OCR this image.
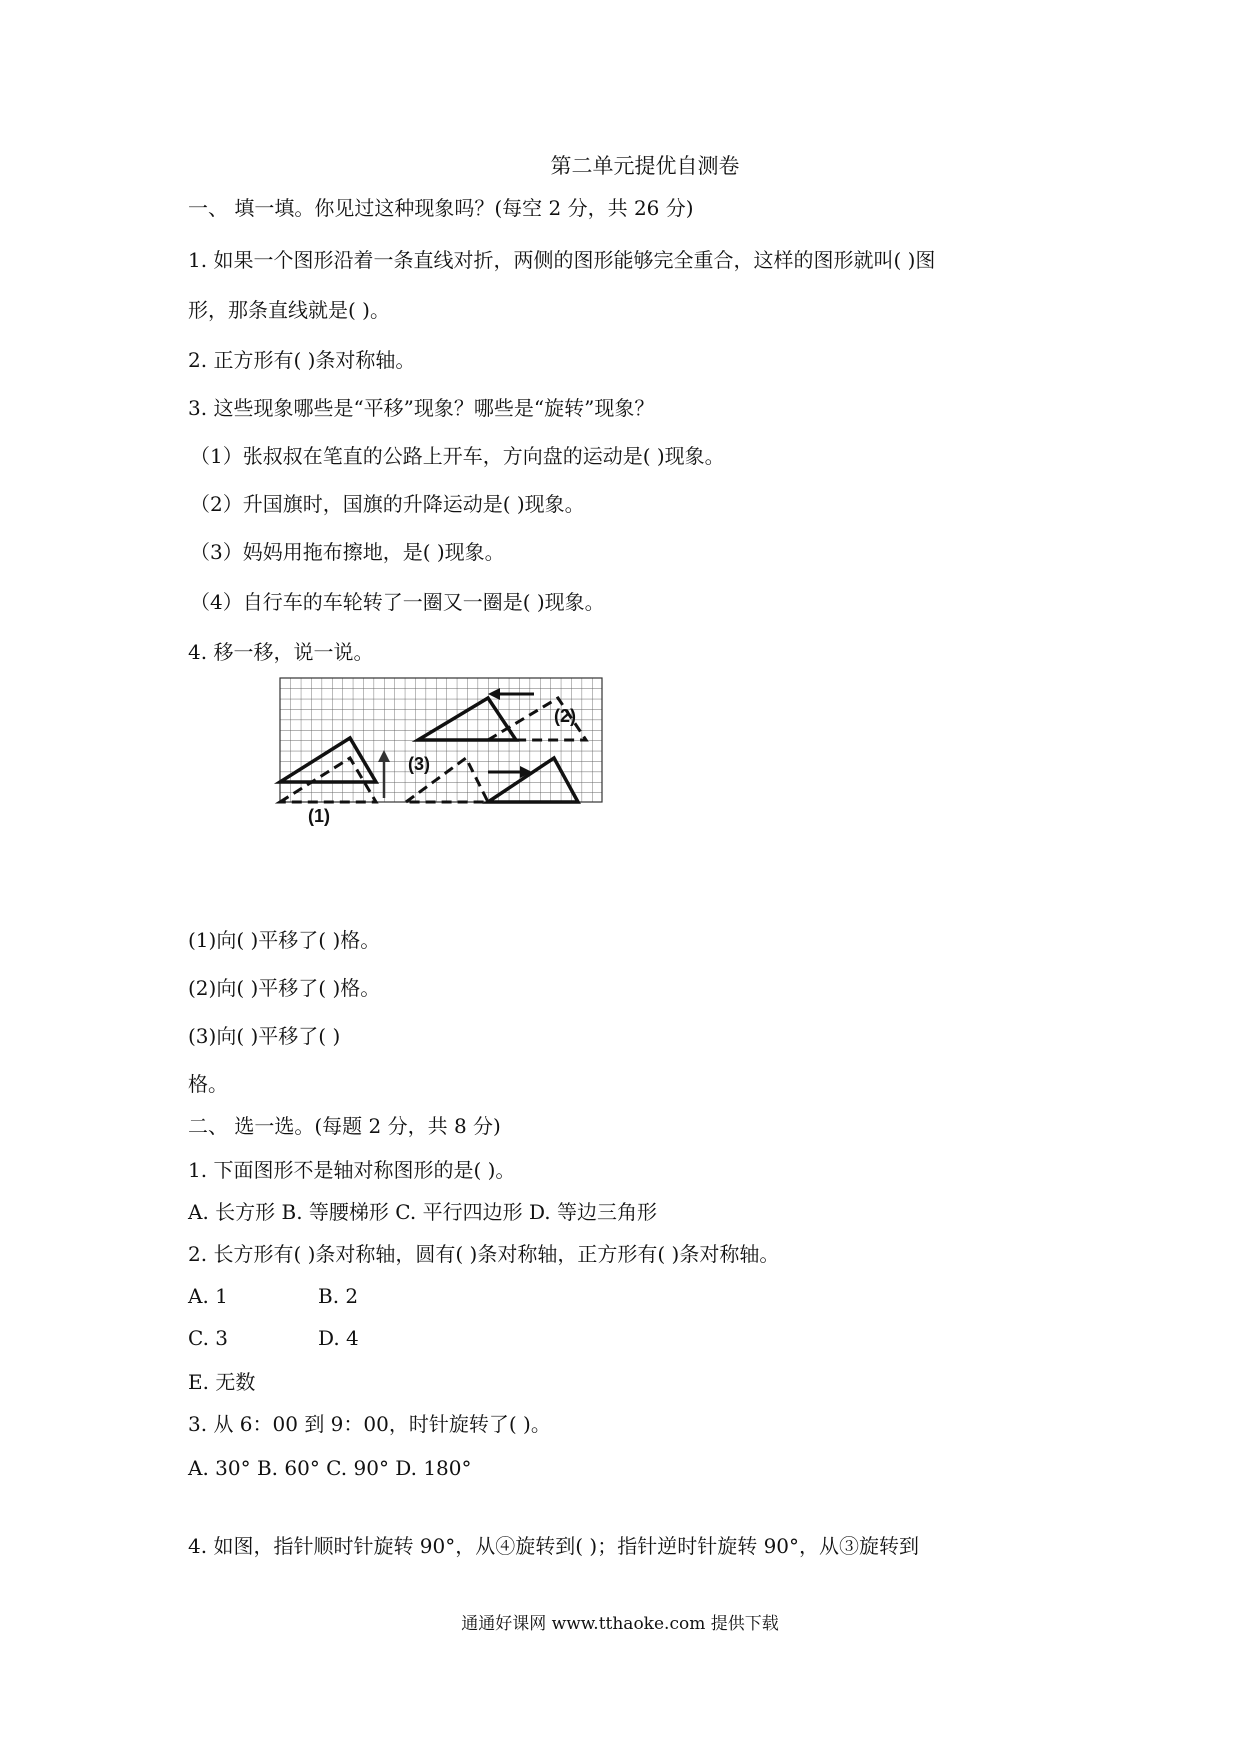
第二单元提优自测卷
一、 填一填。你见过这种现象吗？(每空 2 分，共 26 分)
1. 如果一个图形沿着一条直线对折，两侧的图形能够完全重合，这样的图形就叫( )图
形，那条直线就是( )。
2. 正方形有( )条对称轴。
3. 这些现象哪些是“平移”现象？哪些是“旋转”现象？
（1）张叔叔在笔直的公路上开车，方向盘的运动是( )现象。
（2）升国旗时，国旗的升降运动是( )现象。
（3）妈妈用拖布擦地，是( )现象。
（4）自行车的车轮转了一圈又一圈是( )现象。
4. 移一移，说一说。
(2)
(3)
(1)
(1)向( )平移了( )格。
(2)向( )平移了( )格。
(3)向( )平移了( )
格。
二、 选一选。(每题 2 分，共 8 分)
1. 下面图形不是轴对称图形的是( )。
A. 长方形 B. 等腰梯形 C. 平行四边形 D. 等边三角形
2. 长方形有( )条对称轴，圆有( )条对称轴，正方形有( )条对称轴。
A. 1	B. 2
C. 3	D. 4
E. 无数
3. 从 6：00 到 9：00，时针旋转了( )。
A. 30° B. 60° C. 90° D. 180°
4. 如图，指针顺时针旋转 90°，从④旋转到( )；指针逆时针旋转 90°，从③旋转到
通通好课网 www.tthaoke.com 提供下载
